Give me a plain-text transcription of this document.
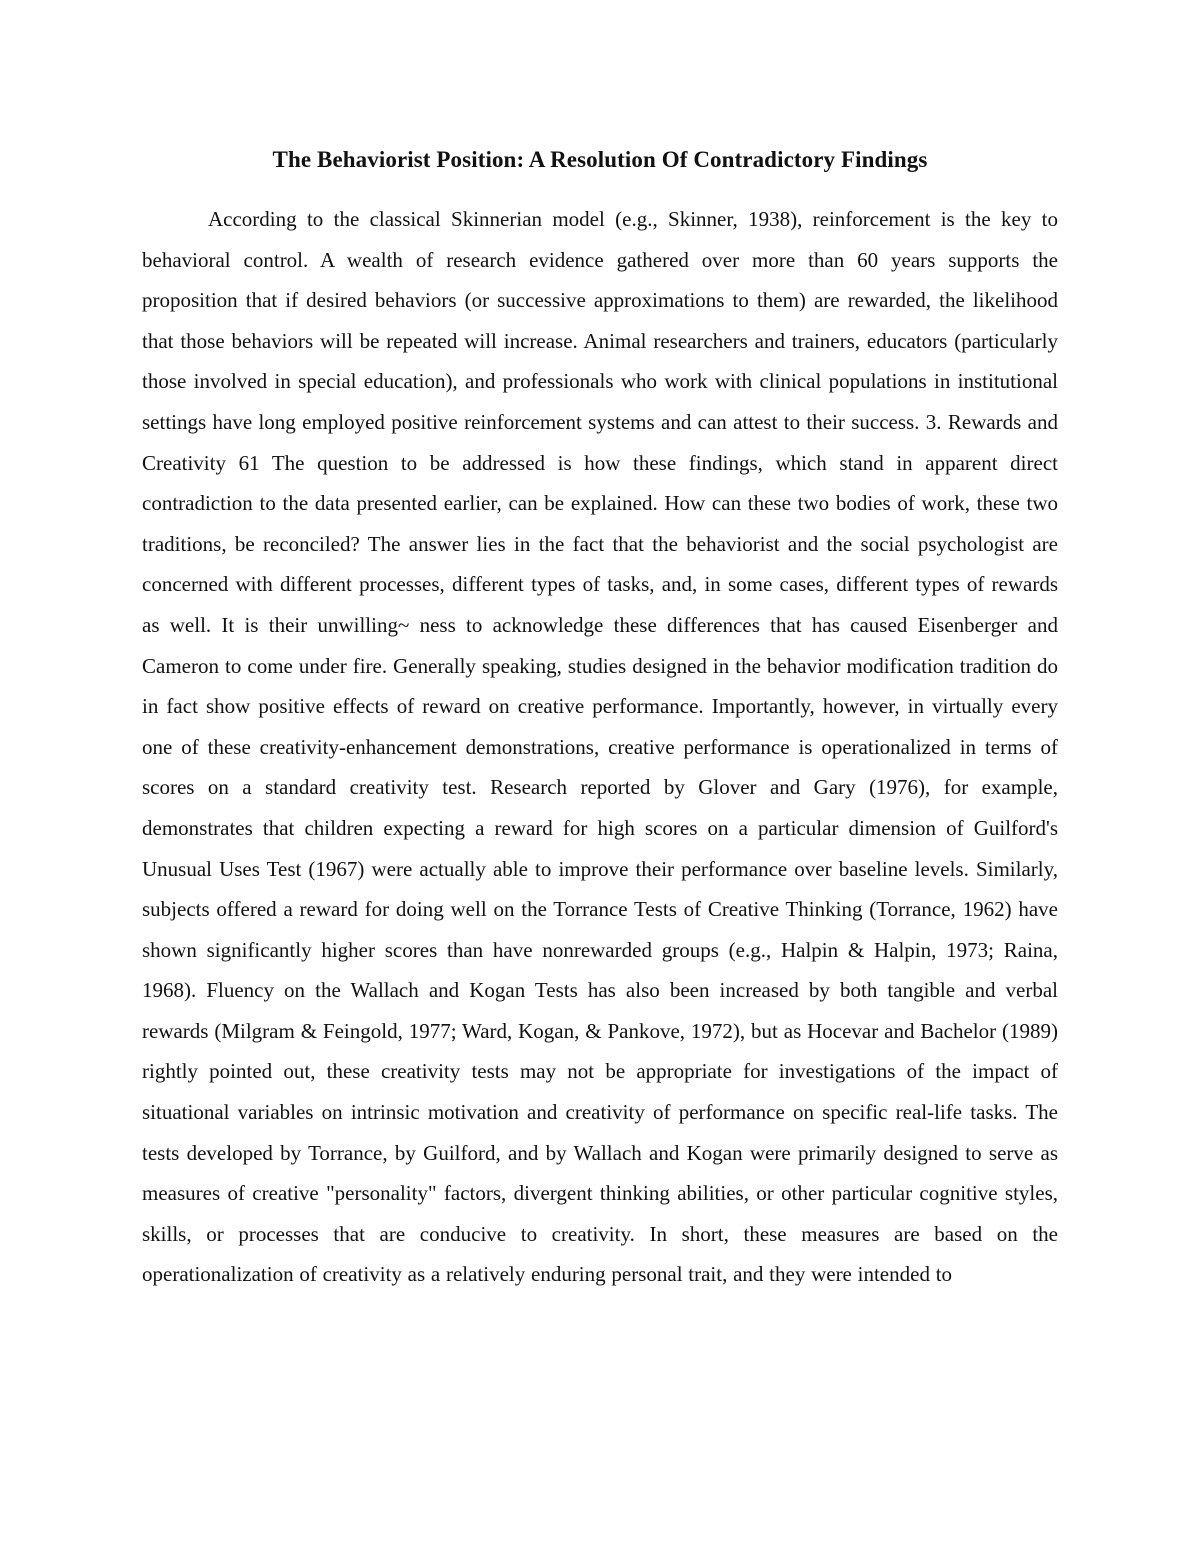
The Behaviorist Position: A Resolution Of Contradictory Findings

According to the classical Skinnerian model (e.g., Skinner, 1938), reinforcement is the key to behavioral control. A wealth of research evidence gathered over more than 60 years supports the proposition that if desired behaviors (or successive approximations to them) are rewarded, the likelihood that those behaviors will be repeated will increase. Animal researchers and trainers, educators (particularly those involved in special education), and professionals who work with clinical populations in institutional settings have long employed positive reinforcement systems and can attest to their success. 3. Rewards and Creativity 61 The question to be addressed is how these findings, which stand in apparent direct contradiction to the data presented earlier, can be explained. How can these two bodies of work, these two traditions, be reconciled? The answer lies in the fact that the behaviorist and the social psychologist are concerned with different processes, different types of tasks, and, in some cases, different types of rewards as well. It is their unwilling~ ness to acknowledge these differences that has caused Eisenberger and Cameron to come under fire. Generally speaking, studies designed in the behavior modification tradition do in fact show positive effects of reward on creative performance. Importantly, however, in virtually every one of these creativity-enhancement demonstrations, creative performance is operationalized in terms of scores on a standard creativity test. Research reported by Glover and Gary (1976), for example, demonstrates that children expecting a reward for high scores on a particular dimension of Guilford's Unusual Uses Test (1967) were actually able to improve their performance over baseline levels. Similarly, subjects offered a reward for doing well on the Torrance Tests of Creative Thinking (Torrance, 1962) have shown significantly higher scores than have nonrewarded groups (e.g., Halpin & Halpin, 1973; Raina, 1968). Fluency on the Wallach and Kogan Tests has also been increased by both tangible and verbal rewards (Milgram & Feingold, 1977; Ward, Kogan, & Pankove, 1972), but as Hocevar and Bachelor (1989) rightly pointed out, these creativity tests may not be appropriate for investigations of the impact of situational variables on intrinsic motivation and creativity of performance on specific real-life tasks. The tests developed by Torrance, by Guilford, and by Wallach and Kogan were primarily designed to serve as measures of creative "personality" factors, divergent thinking abilities, or other particular cognitive styles, skills, or processes that are conducive to creativity. In short, these measures are based on the operationalization of creativity as a relatively enduring personal trait, and they were intended to
